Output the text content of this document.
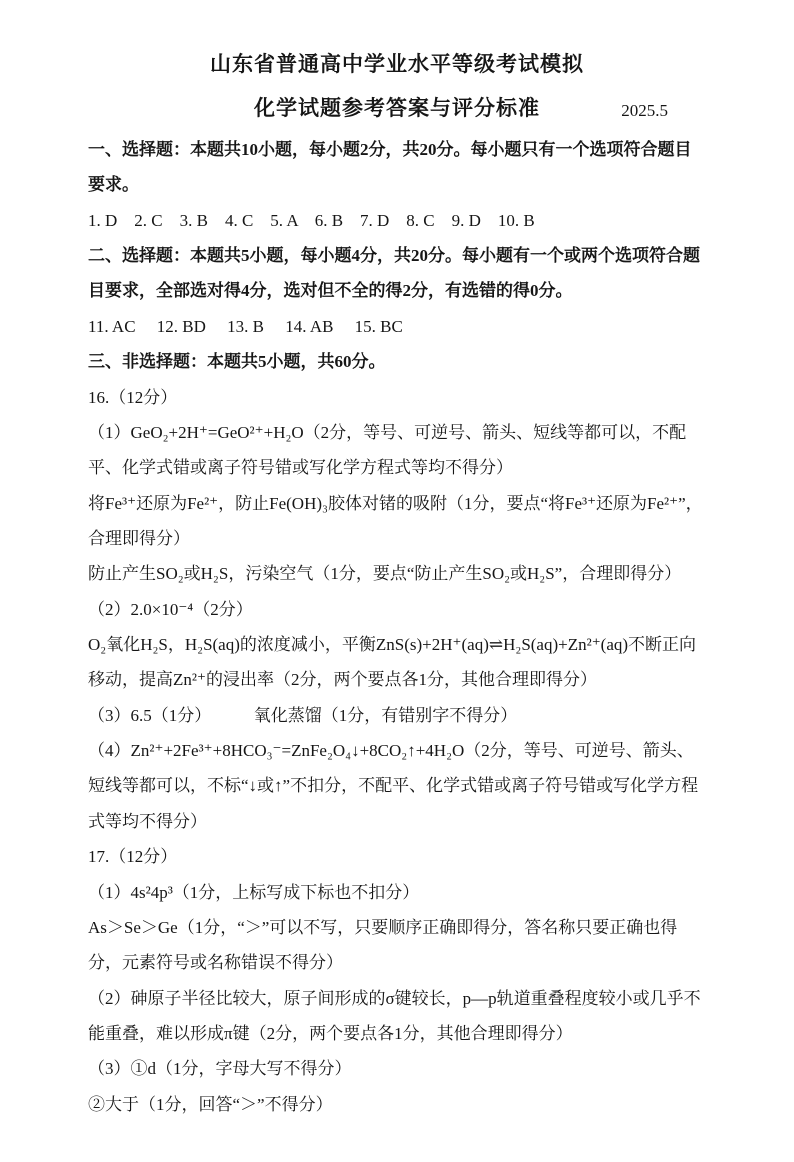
山东省普通高中学业水平等级考试模拟
化学试题参考答案与评分标准	2025.5

一、选择题：本题共10小题，每小题2分，共20分。每小题只有一个选项符合题目要求。

1. D　2. C　3. B　4. C　5. A　6. B　7. D　8. C　9. D　10. B

二、选择题：本题共5小题，每小题4分，共20分。每小题有一个或两个选项符合题目要求，全部选对得4分，选对但不全的得2分，有选错的得0分。

11. AC　 12. BD　 13. B　 14. AB　 15. BC

三、非选择题：本题共5小题，共60分。

16.（12分）

（1）GeO₂+2H⁺=GeO²⁺+H₂O（2分，等号、可逆号、箭头、短线等都可以，不配平、化学式错或离子符号错或写化学方程式等均不得分）

将Fe³⁺还原为Fe²⁺，防止Fe(OH)₃胶体对锗的吸附（1分，要点“将Fe³⁺还原为Fe²⁺”，合理即得分）

防止产生SO₂或H₂S，污染空气（1分，要点“防止产生SO₂或H₂S”，合理即得分）

（2）2.0×10⁻⁴（2分）

O₂氧化H₂S，H₂S(aq)的浓度减小，平衡ZnS(s)+2H⁺(aq)⇌H₂S(aq)+Zn²⁺(aq)不断正向移动，提高Zn²⁺的浸出率（2分，两个要点各1分，其他合理即得分）

（3）6.5（1分）　　　氧化蒸馏（1分，有错别字不得分）

（4）Zn²⁺+2Fe³⁺+8HCO₃⁻=ZnFe₂O₄↓+8CO₂↑+4H₂O（2分，等号、可逆号、箭头、短线等都可以，不标“↓或↑”不扣分，不配平、化学式错或离子符号错或写化学方程式等均不得分）

17.（12分）

（1）4s²4p³（1分，上标写成下标也不扣分）

As＞Se＞Ge（1分，“＞”可以不写，只要顺序正确即得分，答名称只要正确也得分，元素符号或名称错误不得分）

（2）砷原子半径比较大，原子间形成的σ键较长，p—p轨道重叠程度较小或几乎不能重叠，难以形成π键（2分，两个要点各1分，其他合理即得分）

（3）①d（1分，字母大写不得分）

②大于（1分，回答“＞”不得分）
